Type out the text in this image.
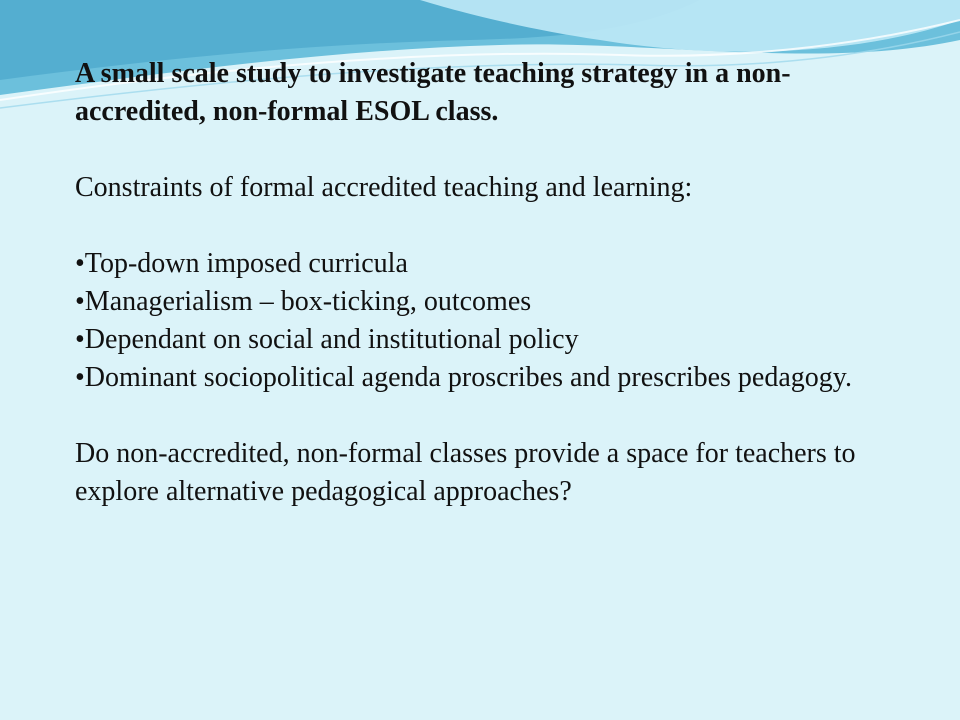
A small scale study to investigate teaching strategy in a non-accredited, non-formal ESOL class.

Constraints of formal accredited teaching and learning:

•Top-down imposed curricula
•Managerialism – box-ticking, outcomes
•Dependant on social and institutional policy
•Dominant sociopolitical agenda proscribes and prescribes pedagogy.

Do non-accredited, non-formal classes provide a space for teachers to explore alternative pedagogical approaches?
